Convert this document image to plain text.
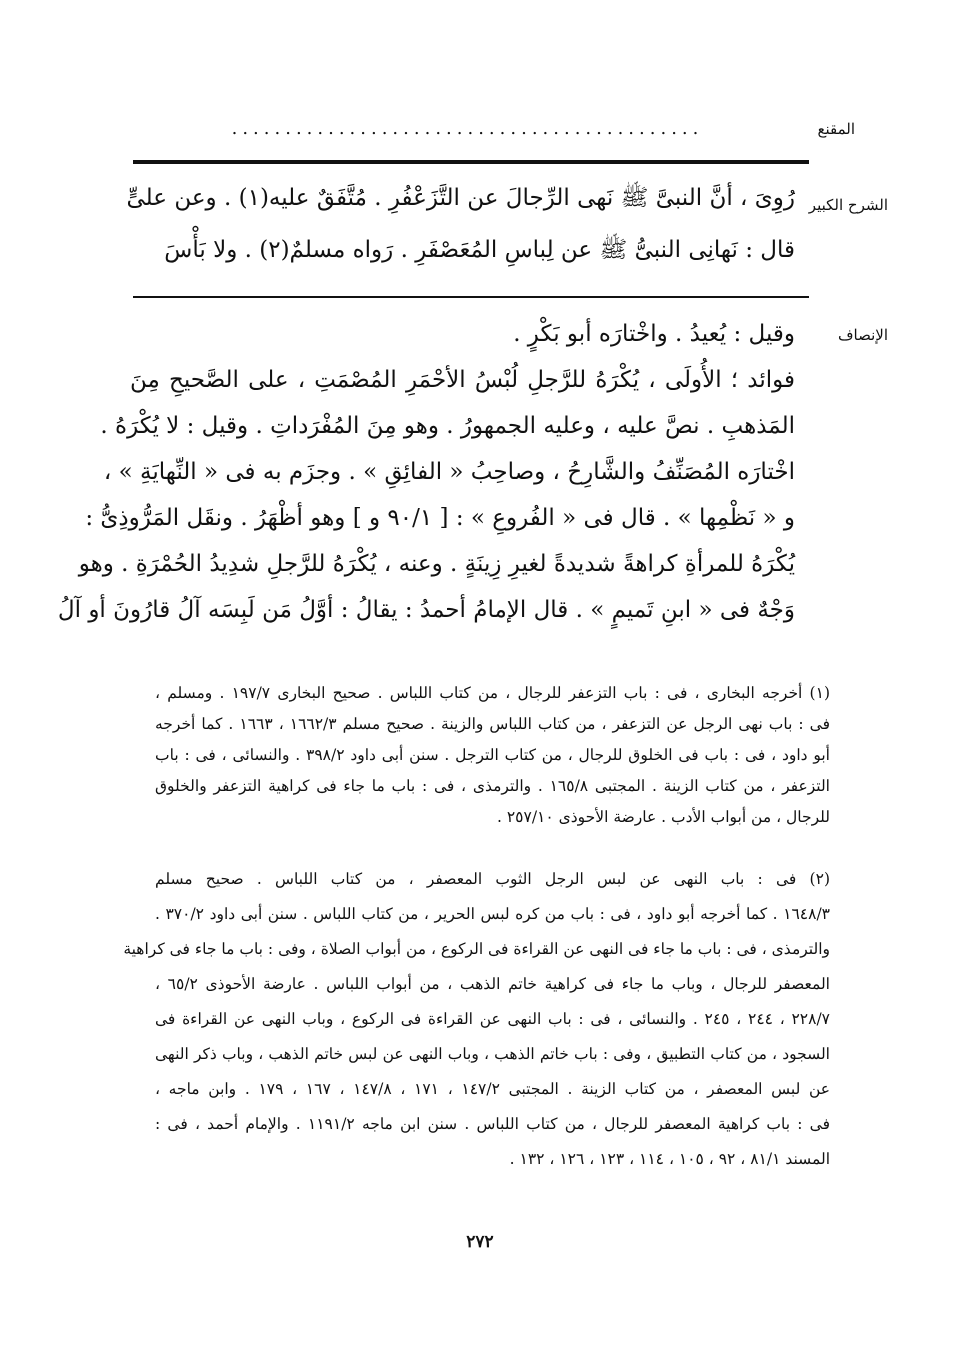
المقنع
............................................
الشرح الكبير
رُوِىَ ، أنَّ النبىَّ ﷺ نَهى الرِّجالَ عن التَّزَعْفُرِ . مُتَّفَقٌ عليه(١) . وعن علىٍّ
قال : نَهانِى النبىُّ ﷺ عن لِباسِ المُعَصْفَرِ . رَواه مسلمٌ(٢) . ولا بَأْسَ
الإنصاف
وقيل : يُعيدُ . واخْتارَه أبو بَكْرٍ .
فوائد ؛ الأُولَى ، يُكْرَهُ للرَّجلِ لُبْسُ الأحْمَرِ المُصْمَتِ ، على الصَّحيحِ مِنَ
المَذهبِ . نصَّ عليه ، وعليه الجمهورُ . وهو مِنَ المُفْرَداتِ . وقيل : لا يُكْرَهُ .
اخْتارَه المُصَنِّفُ والشَّارِحُ ، وصاحِبُ « الفائِقِ » . وجزَم به فى « النِّهايَةِ » ،
و « نَظْمِها » . قال فى « الفُروعِ » : [ ٩٠/١ و ] وهو أظْهَرُ . ونقَل المَرُّوذِىُّ :
يُكْرَهُ للمرأةِ كراهةً شديدةً لغيرِ زِينَةٍ . وعنه ، يُكْرَهُ للرَّجلِ شدِيدُ الحُمْرَةِ . وهو
وَجْهٌ فى « ابنِ تَميمٍ » . قال الإمامُ أحمدُ : يقالُ : أوَّلُ مَن لَبِسَه آلُ قارُونَ أو آلُ
(١) أخرجه البخارى ، فى : باب التزعفر للرجال ، من كتاب اللباس . صحيح البخارى ١٩٧/٧ . ومسلم ،
فى : باب نهى الرجل عن التزعفر ، من كتاب اللباس والزينة . صحيح مسلم ١٦٦٢/٣ ، ١٦٦٣ . كما أخرجه
أبو داود ، فى : باب فى الخلوق للرجال ، من كتاب الترجل . سنن أبى داود ٣٩٨/٢ . والنسائى ، فى : باب
التزعفر ، من كتاب الزينة . المجتبى ١٦٥/٨ . والترمذى ، فى : باب ما جاء فى كراهية التزعفر والخلوق
للرجال ، من أبواب الأدب . عارضة الأحوذى ٢٥٧/١٠ .
(٢) فى : باب النهى عن لبس الرجل الثوب المعصفر ، من كتاب اللباس . صحيح مسلم
١٦٤٨/٣ . كما أخرجه أبو داود ، فى : باب من كره لبس الحرير ، من كتاب اللباس . سنن أبى داود ٣٧٠/٢ .
والترمذى ، فى : باب ما جاء فى النهى عن القراءة فى الركوع ، من أبواب الصلاة ، وفى : باب ما جاء فى كراهية
المعصفر للرجال ، وباب ما جاء فى كراهية خاتم الذهب ، من أبواب اللباس . عارضة الأحوذى ٦٥/٢ ،
٢٢٨/٧ ، ٢٤٤ ، ٢٤٥ . والنسائى ، فى : باب النهى عن القراءة فى الركوع ، وباب النهى عن القراءة فى
السجود ، من كتاب التطبيق ، وفى : باب خاتم الذهب ، وباب النهى عن لبس خاتم الذهب ، وباب ذكر النهى
عن لبس المعصفر ، من كتاب الزينة . المجتبى ١٤٧/٢ ، ١٧١ ، ١٤٧/٨ ، ١٦٧ ، ١٧٩ . وابن ماجه ،
فى : باب كراهية المعصفر للرجال ، من كتاب اللباس . سنن ابن ماجه ١١٩١/٢ . والإمام أحمد ، فى :
المسند ٨١/١ ، ٩٢ ، ١٠٥ ، ١١٤ ، ١٢٣ ، ١٢٦ ، ١٣٢ .
٢٧٢
